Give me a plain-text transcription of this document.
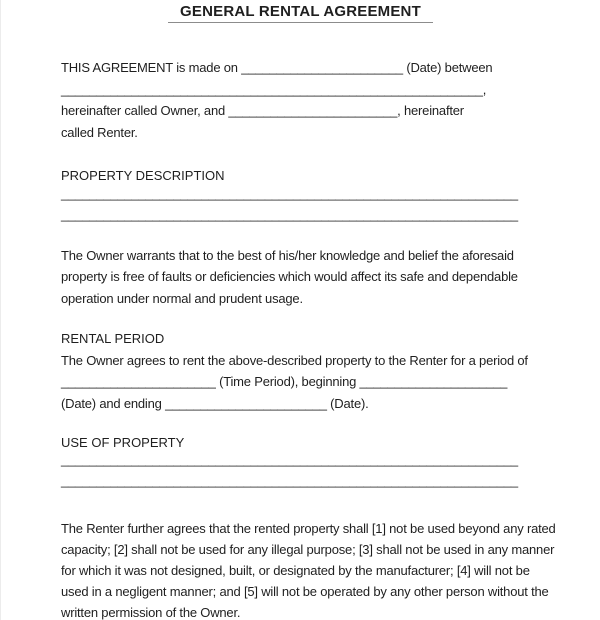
GENERAL RENTAL AGREEMENT
THIS AGREEMENT is made on _______________________ (Date) between
____________________________________________________________,
hereinafter called Owner, and ________________________, hereinafter
called Renter.
PROPERTY DESCRIPTION
_________________________________________________________________
_________________________________________________________________
The Owner warrants that to the best of his/her knowledge and belief the aforesaid
property is free of faults or deficiencies which would affect its safe and dependable
operation under normal and prudent usage.
RENTAL PERIOD
The Owner agrees to rent the above-described property to the Renter for a period of
______________________ (Time Period), beginning _____________________
(Date) and ending _______________________ (Date).
USE OF PROPERTY
_________________________________________________________________
_________________________________________________________________
The Renter further agrees that the rented property shall [1] not be used beyond any rated
capacity; [2] shall not be used for any illegal purpose; [3] shall not be used in any manner
for which it was not designed, built, or designated by the manufacturer; [4] will not be
used in a negligent manner; and [5] will not be operated by any other person without the
written permission of the Owner.
